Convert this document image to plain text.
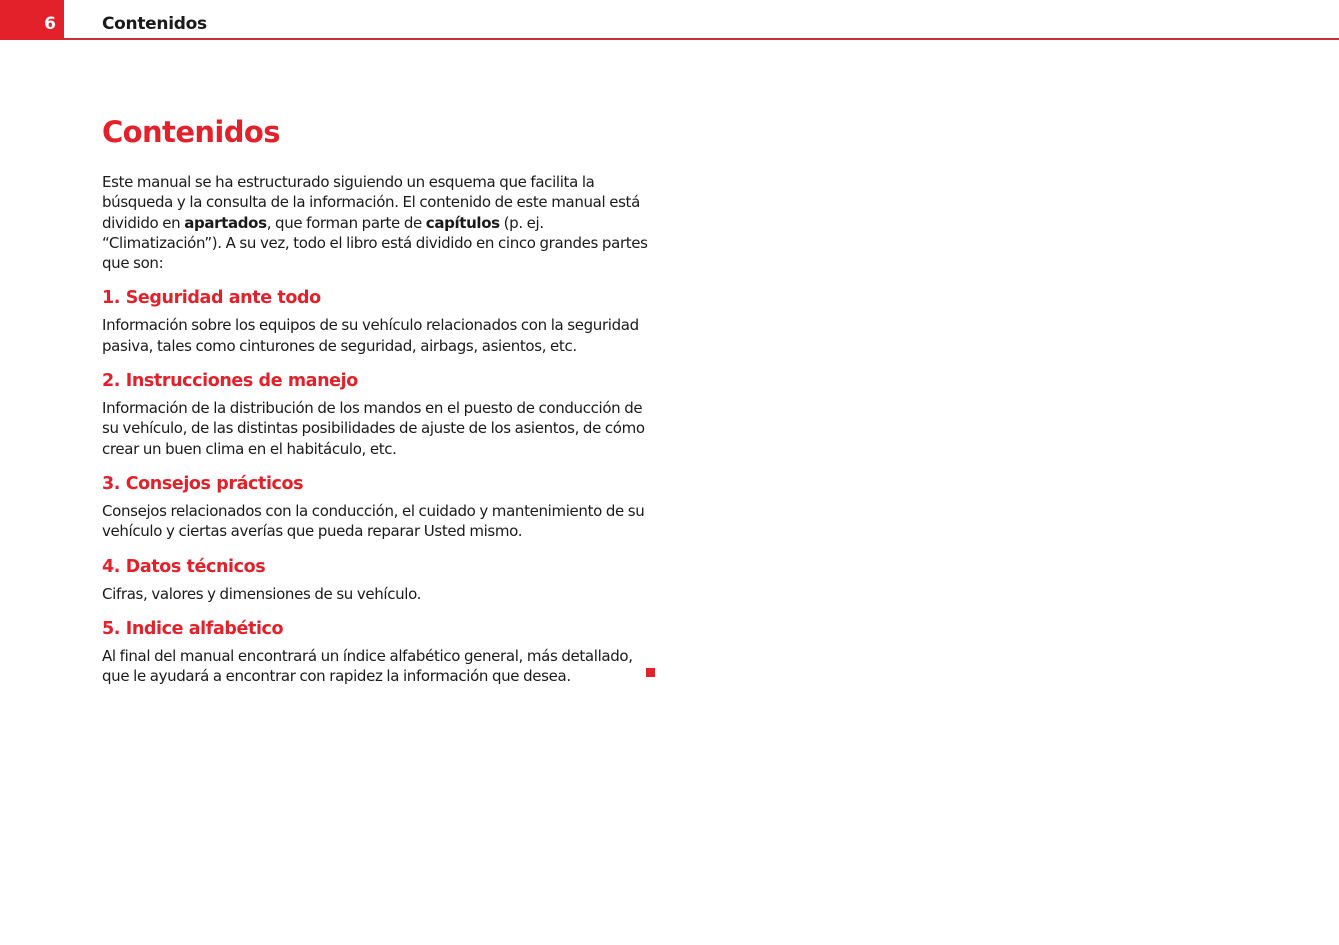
6	Contenidos
Contenidos

Este manual se ha estructurado siguiendo un esquema que facilita la búsqueda y la consulta de la información. El contenido de este manual está dividido en apartados, que forman parte de capítulos (p. ej. “Climatización”). A su vez, todo el libro está dividido en cinco grandes partes que son:

1. Seguridad ante todo

Información sobre los equipos de su vehículo relacionados con la seguridad pasiva, tales como cinturones de seguridad, airbags, asientos, etc.

2. Instrucciones de manejo

Información de la distribución de los mandos en el puesto de conducción de su vehículo, de las distintas posibilidades de ajuste de los asientos, de cómo crear un buen clima en el habitáculo, etc.

3. Consejos prácticos

Consejos relacionados con la conducción, el cuidado y mantenimiento de su vehículo y ciertas averías que pueda reparar Usted mismo.

4. Datos técnicos

Cifras, valores y dimensiones de su vehículo.

5. Indice alfabético

Al final del manual encontrará un índice alfabético general, más detallado, que le ayudará a encontrar con rapidez la información que desea.
